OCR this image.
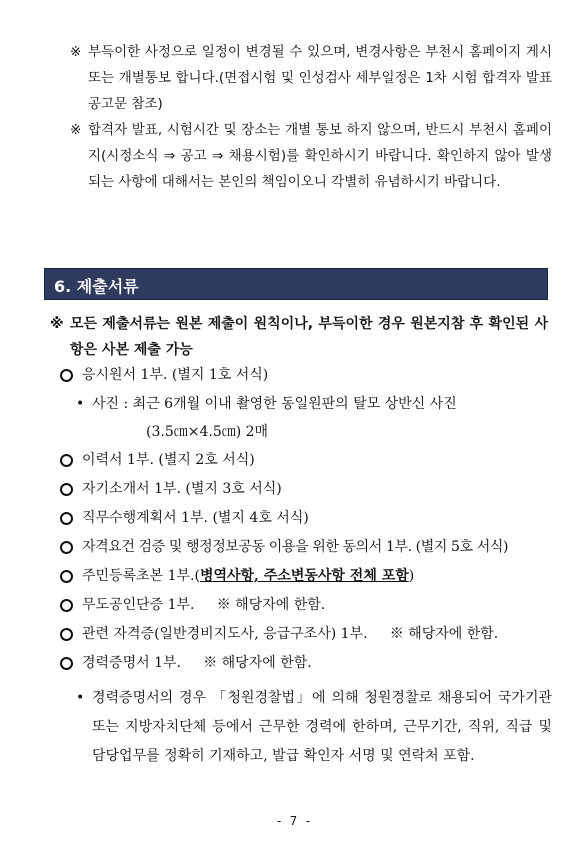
※ 부득이한 사정으로 일정이 변경될 수 있으며, 변경사항은 부천시 홈페이지 게시 또는 개별통보 합니다.(면접시험 및 인성검사 세부일정은 1차 시험 합격자 발표 공고문 참조)
※ 합격자 발표, 시험시간 및 장소는 개별 통보 하지 않으며, 반드시 부천시 홈페이지(시정소식 ⇒ 공고 ⇒ 채용시험)를 확인하시기 바랍니다. 확인하지 않아 발생되는 사항에 대해서는 본인의 책임이오니 각별히 유념하시기 바랍니다.
6. 제출서류
※ 모든 제출서류는 원본 제출이 원칙이나, 부득이한 경우 원본지참 후 확인된 사항은 사본 제출 가능
응시원서 1부. (별지 1호 서식)
• 사진 : 최근 6개월 이내 촬영한 동일원판의 탈모 상반신 사진
(3.5㎝×4.5㎝) 2매
이력서 1부. (별지 2호 서식)
자기소개서 1부. (별지 3호 서식)
직무수행계획서 1부. (별지 4호 서식)
자격요건 검증 및 행정정보공동 이용을 위한 동의서 1부. (별지 5호 서식)
주민등록초본 1부.(병역사항, 주소변동사항 전체 포함)
무도공인단증 1부.     ※ 해당자에 한함.
관련 자격증(일반경비지도사, 응급구조사) 1부.     ※ 해당자에 한함.
경력증명서 1부.     ※ 해당자에 한함.
• 경력증명서의 경우 「청원경찰법」에 의해 청원경찰로 채용되어 국가기관 또는 지방자치단체 등에서 근무한 경력에 한하며, 근무기간, 직위, 직급 및 담당업무를 정확히 기재하고, 발급 확인자 서명 및 연락처 포함.
- 7 -
